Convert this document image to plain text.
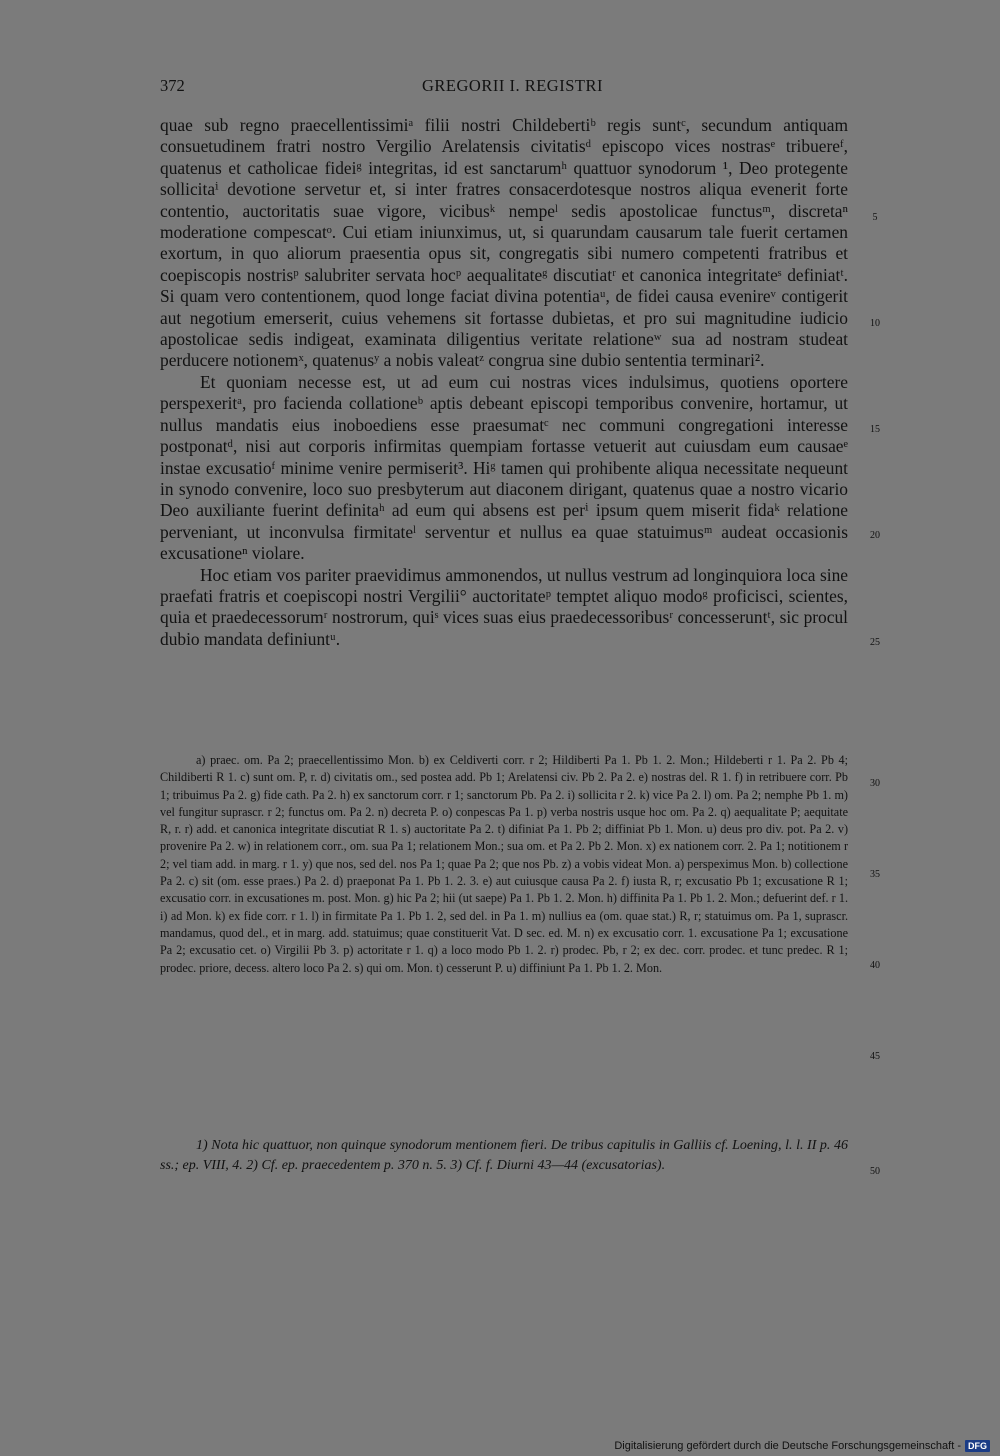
372	GREGORII I. REGISTRI

quae sub regno praecellentissimiᵃ filii nostri Childebertiᵇ regis suntᶜ, secundum antiquam consuetudinem fratri nostro Vergilio Arelatensis civitatisᵈ episcopo vices nostrasᵉ tribuereᶠ, quatenus et catholicae fideiᵍ integritas, id est sanctarumʰ quattuor synodorum ¹, Deo protegente sollicitaⁱ devotione servetur et, si inter fratres consacerdotesque nostros aliqua evenerit forte contentio, auctoritatis suae vigore, vicibusᵏ nempeˡ sedis apostolicae functusᵐ, discretaⁿ moderatione compescatᵒ. Cui etiam iniunximus, ut, si quarundam causarum tale fuerit certamen exortum, in quo aliorum praesentia opus sit, congregatis sibi numero competenti fratribus et coepiscopis nostrisᵖ salubriter servata hocᵖ aequalitateᵍ discutiatʳ et canonica integritateˢ definiatᵗ. Si quam vero contentionem, quod longe faciat divina potentiaᵘ, de fidei causa evenireᵛ contigerit aut negotium emerserit, cuius vehemens sit fortasse dubietas, et pro sui magnitudine iudicio apostolicae sedis indigeat, examinata diligentius veritate relationeʷ sua ad nostram studeat perducere notionemˣ, quatenusʸ a nobis valeatᶻ congrua sine dubio sententia terminari².

Et quoniam necesse est, ut ad eum cui nostras vices indulsimus, quotiens oportere perspexeritᵃ, pro facienda collationeᵇ aptis debeant episcopi temporibus convenire, hortamur, ut nullus mandatis eius inoboediens esse praesumatᶜ nec communi congregationi interesse postponatᵈ, nisi aut corporis infirmitas quempiam fortasse vetuerit aut cuiusdam eum causaeᵉ instae excusatioᶠ minime venire permiserit³. Hiᵍ tamen qui prohibente aliqua necessitate nequeunt in synodo convenire, loco suo presbyterum aut diaconem dirigant, quatenus quae a nostro vicario Deo auxiliante fuerint definitaʰ ad eum qui absens est perⁱ ipsum quem miserit fidaᵏ relatione perveniant, ut inconvulsa firmitateˡ serventur et nullus ea quae statuimusᵐ audeat occasionis excusationeⁿ violare.

Hoc etiam vos pariter praevidimus ammonendos, ut nullus vestrum ad longinquiora loca sine praefati fratris et coepiscopi nostri Vergilii° auctoritateᵖ temptet aliquo modoᵍ proficisci, scientes, quia et praedecessorumʳ nostrorum, quiˢ vices suas eius praedecessoribusʳ concesseruntᵗ, sic procul dubio mandata definiuntᵘ.

5
10
15
20
25

a) praec. om. Pa 2; praecellentissimo Mon. b) ex Celdiverti corr. r 2; Hildiberti Pa 1. Pb 1. 2. Mon.; Hildeberti r 1. Pa 2. Pb 4; Childiberti R 1. c) sunt om. P, r. d) civitatis om., sed postea add. Pb 1; Arelatensi civ. Pb 2. Pa 2. e) nostras del. R 1. f) in retribuere corr. Pb 1; tribuimus Pa 2. g) fide cath. Pa 2. h) ex sanctorum corr. r 1; sanctorum Pb. Pa 2. i) sollicita r 2. k) vice Pa 2. l) om. Pa 2; nemphe Pb 1. m) vel fungitur suprascr. r 2; functus om. Pa 2. n) decreta P. o) conpescas Pa 1. p) verba nostris usque hoc om. Pa 2. q) aequalitate P; aequitate R, r. r) add. et canonica integritate discutiat R 1. s) auctoritate Pa 2. t) difiniat Pa 1. Pb 2; diffiniat Pb 1. Mon. u) deus pro div. pot. Pa 2. v) provenire Pa 2. w) in relationem corr., om. sua Pa 1; relationem Mon.; sua om. et Pa 2. Pb 2. Mon. x) ex nationem corr. 2. Pa 1; notitionem r 2; vel tiam add. in marg. r 1. y) que nos, sed del. nos Pa 1; quae Pa 2; que nos Pb. z) a vobis videat Mon. a) perspeximus Mon. b) collectione Pa 2. c) sit (om. esse praes.) Pa 2. d) praeponat Pa 1. Pb 1. 2. 3. e) aut cuiusque causa Pa 2. f) iusta R, r; excusatio Pb 1; excusatione R 1; excusatio corr. in excusationes m. post. Mon. g) hic Pa 2; hii (ut saepe) Pa 1. Pb 1. 2. Mon. h) diffinita Pa 1. Pb 1. 2. Mon.; defuerint def. r 1. i) ad Mon. k) ex fide corr. r 1. l) in firmitate Pa 1. Pb 1. 2, sed del. in Pa 1. m) nullius ea (om. quae stat.) R, r; statuimus om. Pa 1, suprascr. mandamus, quod del., et in marg. add. statuimus; quae constituerit Vat. D sec. ed. M. n) ex excusatio corr. 1. excusatione Pa 1; excusatione Pa 2; excusatio cet. o) Virgilii Pb 3. p) actoritate r 1. q) a loco modo Pb 1. 2. r) prodec. Pb, r 2; ex dec. corr. prodec. et tunc predec. R 1; prodec. priore, decess. altero loco Pa 2. s) qui om. Mon. t) cesserunt P. u) diffiniunt Pa 1. Pb 1. 2. Mon.

30
35
40
45

1) Nota hic quattuor, non quinque synodorum mentionem fieri. De tribus capitulis in Galliis cf. Loening, l. l. II p. 46 ss.; ep. VIII, 4. 2) Cf. ep. praecedentem p. 370 n. 5. 3) Cf. f. Diurni 43—44 (excusatorias).	50
Digitalisierung gefördert durch die Deutsche Forschungsgemeinschaft - DFG
